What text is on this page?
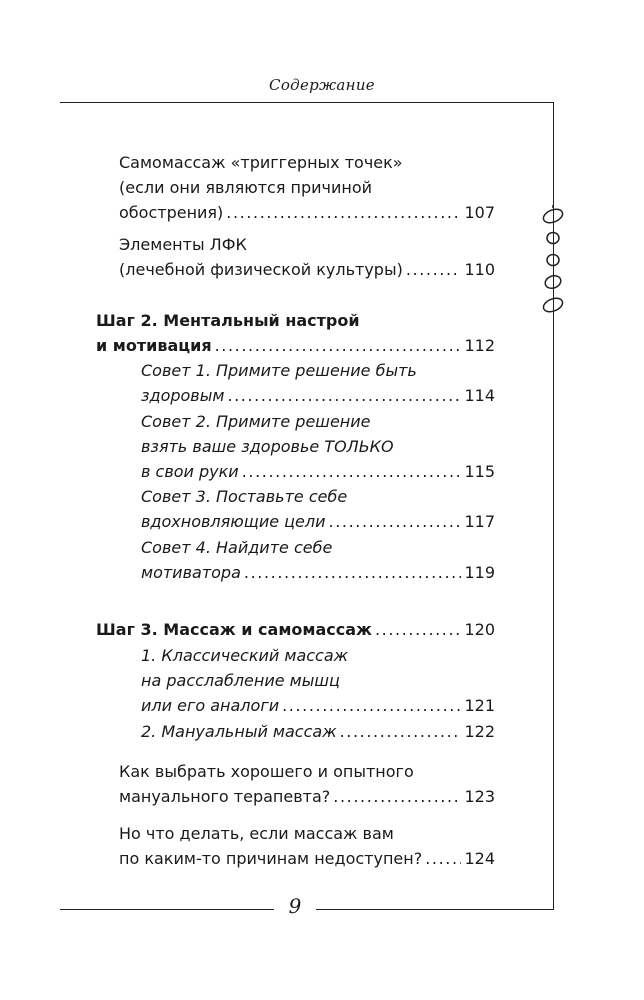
Содержание
Самомассаж «триггерных точек»
(если они являются причиной
обострения) .....	107
Элементы ЛФК
(лечебной физической культуры) .....	110
Шаг 2. Ментальный настрой
и мотивация .....	112
Совет 1. Примите решение быть
здоровым .....	114
Совет 2. Примите решение
взять ваше здоровье ТОЛЬКО
в свои руки .....	115
Совет 3. Поставьте себе
вдохновляющие цели .....	117
Совет 4. Найдите себе
мотиватора .....	119
Шаг 3. Массаж и самомассаж .....	120
1. Классический массаж
на расслабление мышц
или его аналоги .....	121
2. Мануальный массаж .....	122
Как выбрать хорошего и опытного
мануального терапевта? .....	123
Но что делать, если массаж вам
по каким-то причинам недоступен? .....	124
9
